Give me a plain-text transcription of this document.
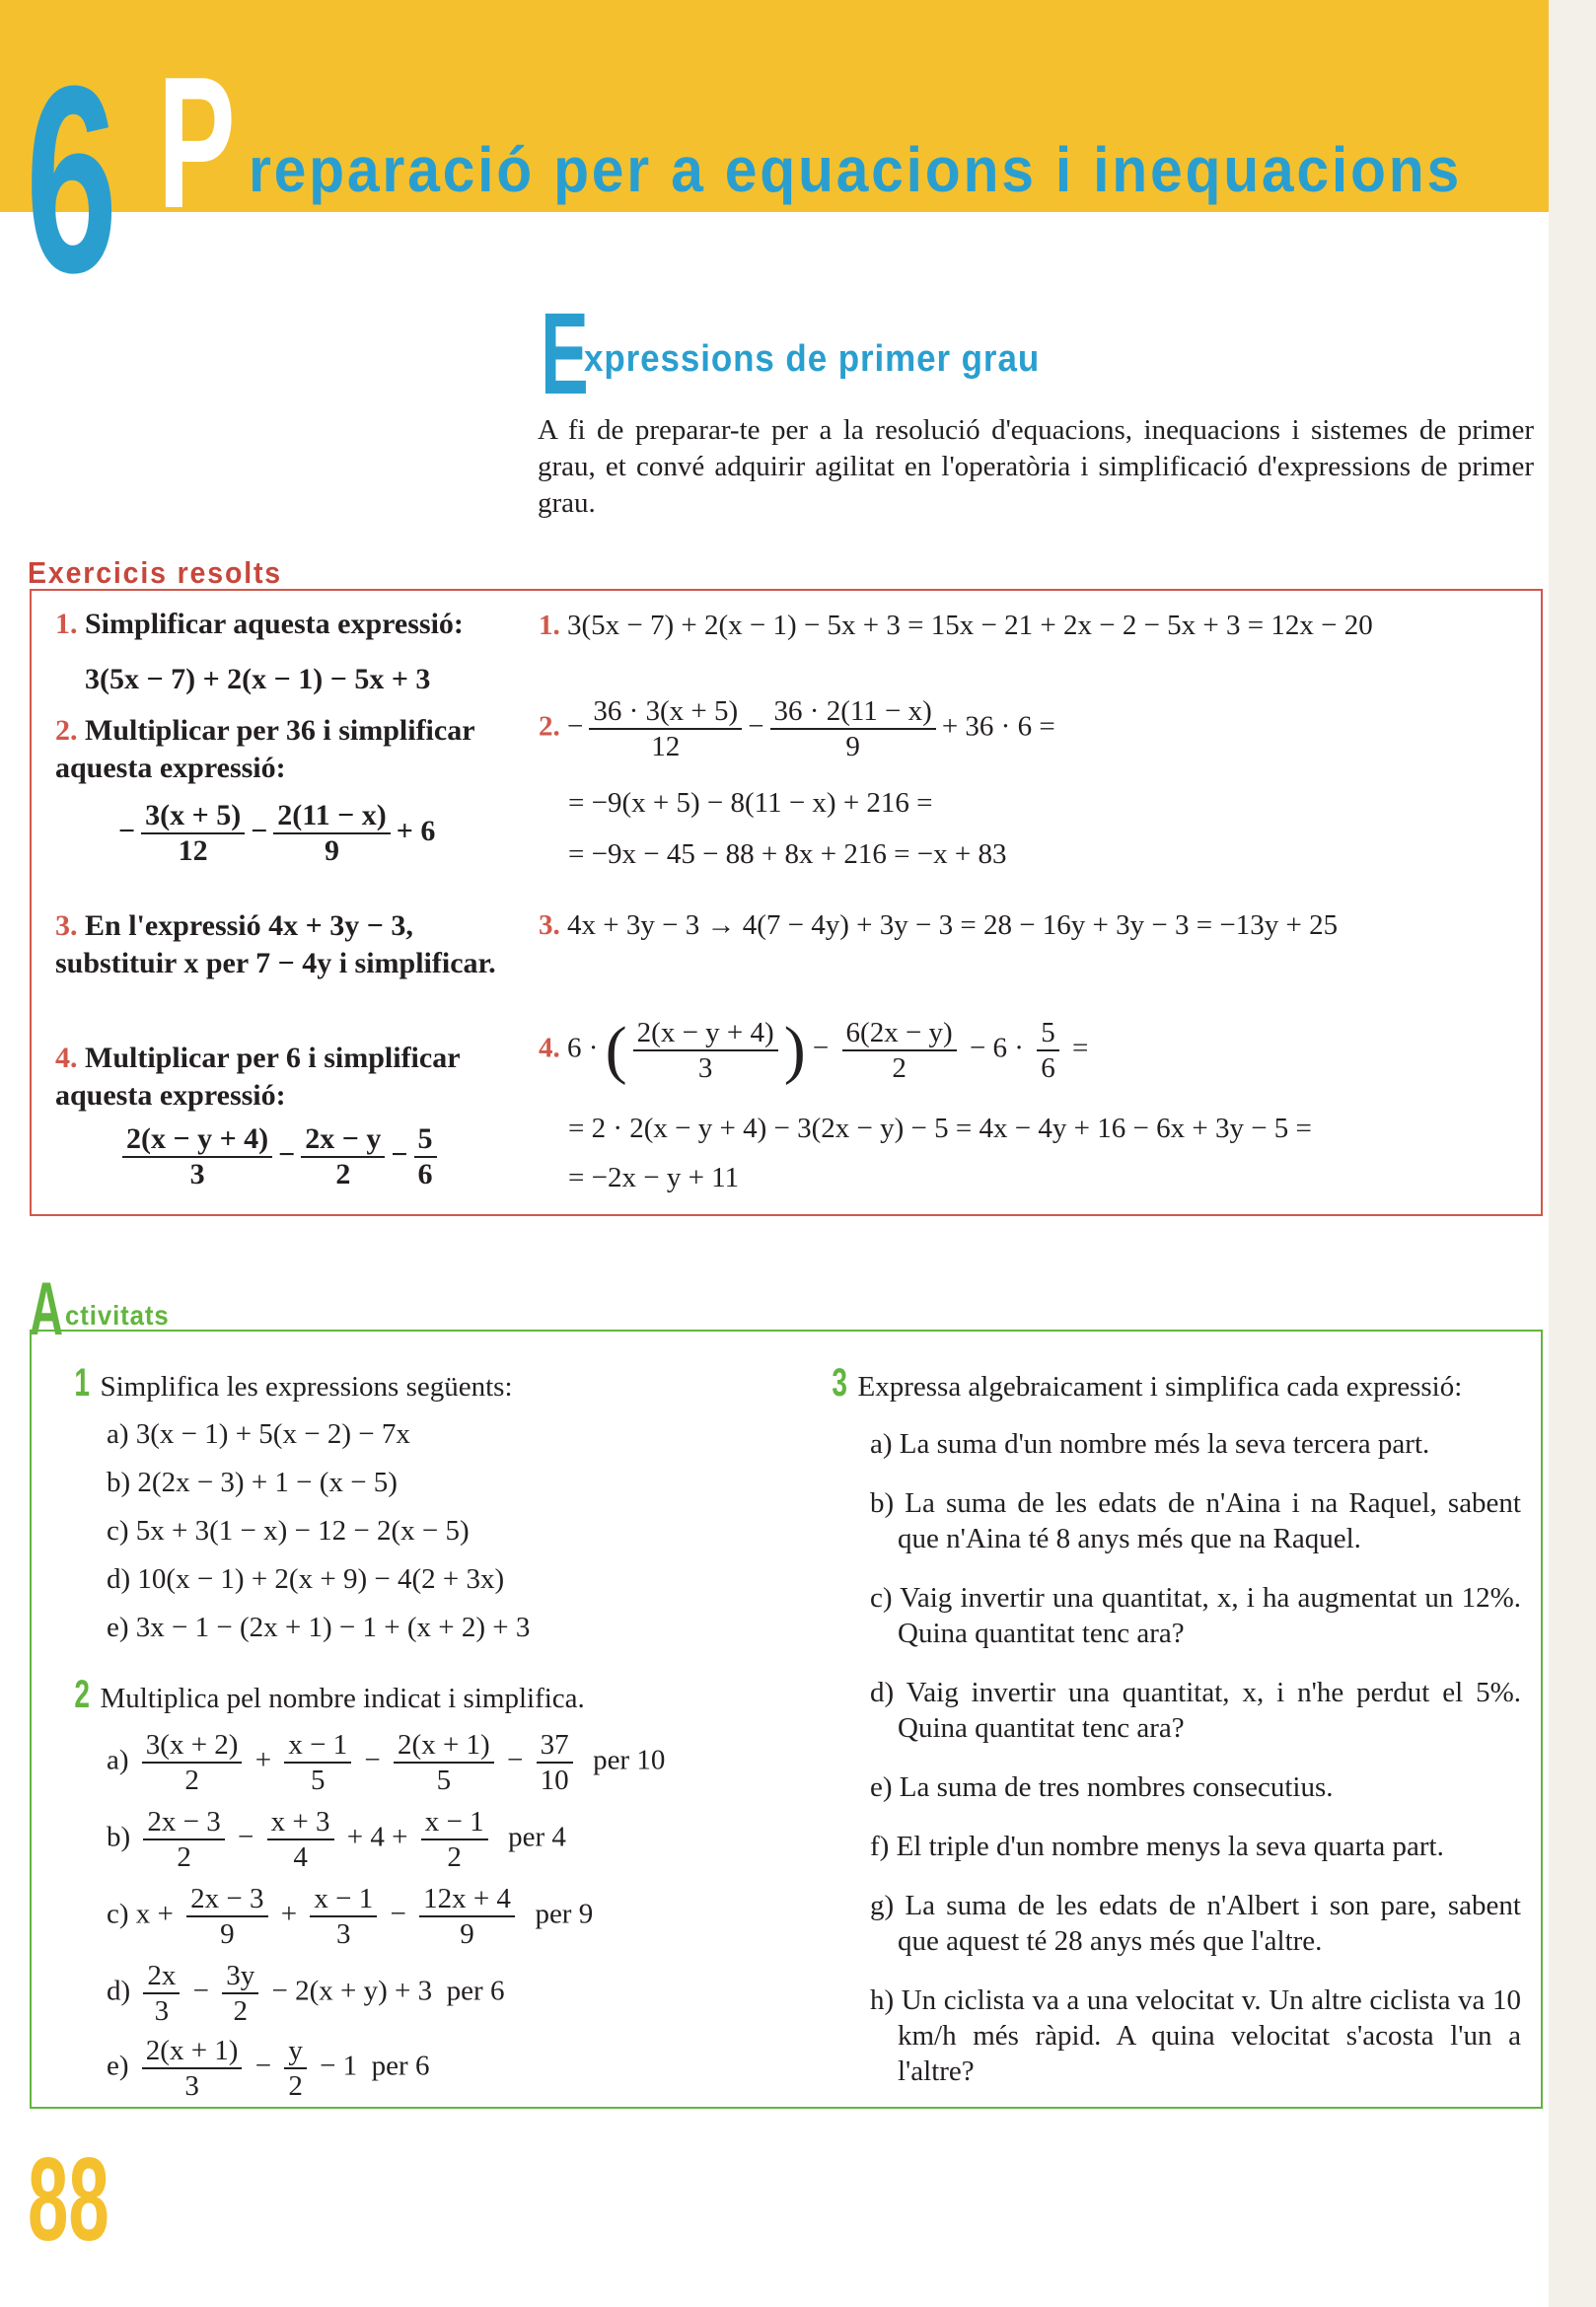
6 P reparació per a equacions i inequacions
E
xpressions de primer grau
A fi de preparar-te per a la resolució d'equacions, inequacions i sistemes de primer grau, et convé adquirir agilitat en l'operatòria i simplificació d'expressions de primer grau.
Exercicis resolts
1. Simplificar aquesta expressió:
3(5x − 7) + 2(x − 1) − 5x + 3
2. Multiplicar per 36 i simplificar aquesta expressió:
− $\frac{3(x + 5)}{12} - \frac{2(11 - x)}{9} + 6$
3. En l'expressió 4x + 3y − 3, substituir x per 7 − 4y i simplificar.
4. Multiplicar per 6 i simplificar aquesta expressió:
$\frac{2(x - y + 4)}{3} - \frac{2x - y}{2} - \frac{5}{6}$
1. 3(5x − 7) + 2(x − 1) − 5x + 3 = 15x − 21 + 2x − 2 − 5x + 3 = 12x − 20
2. − $\frac{36 \cdot 3(x + 5)}{12} - \frac{36 \cdot 2(11 - x)}{9} + 36 \cdot 6$ =
= −9(x + 5) − 8(11 − x) + 216 =
= −9x − 45 − 88 + 8x + 216 = −x + 83
3. 4x + 3y − 3 → 4(7 − 4y) + 3y − 3 = 28 − 16y + 3y − 3 = −13y + 25
4. 6 · ( $\frac{2(x - y + 4)}{3}$ ) − $\frac{6(2x - y)}{2} - 6 \cdot \frac{5}{6}$ =
= 2 · 2(x − y + 4) − 3(2x − y) − 5 = 4x − 4y + 16 − 6x + 3y − 5 =
= −2x − y + 11
A ctivitats
1 Simplifica les expressions següents:
a) 3(x − 1) + 5(x − 2) − 7x
b) 2(2x − 3) + 1 − (x − 5)
c) 5x + 3(1 − x) − 12 − 2(x − 5)
d) 10(x − 1) + 2(x + 9) − 4(2 + 3x)
e) 3x − 1 − (2x + 1) − 1 + (x + 2) + 3
2 Multiplica pel nombre indicat i simplifica.
$a) \frac{3(x + 2)}{2} + \frac{x - 1}{5} - \frac{2(x + 1)}{5} - \frac{37}{10}$ per 10
$b) \frac{2x - 3}{2} - \frac{x + 3}{4} + 4 + \frac{x - 1}{2}$ per 4
c) $x + \frac{2x - 3}{9} + \frac{x - 1}{3} - \frac{12x + 4}{9}$ per 9
$d) \frac{2x}{3} - \frac{3y}{2} - 2(x + y) + 3$ per 6
$e) \frac{2(x + 1)}{3} - \frac{y}{2} - 1$ per 6
3 Expressa algebraicament i simplifica cada expressió:
a) La suma d'un nombre més la seva tercera part.
b) La suma de les edats de n'Aina i na Raquel, sabent que n'Aina té 8 anys més que na Raquel.
c) Vaig invertir una quantitat, x, i ha augmentat un 12%. Quina quantitat tenc ara?
d) Vaig invertir una quantitat, x, i n'he perdut el 5%. Quina quantitat tenc ara?
e) La suma de tres nombres consecutius.
f) El triple d'un nombre menys la seva quarta part.
g) La suma de les edats de n'Albert i son pare, sabent que aquest té 28 anys més que l'altre.
h) Un ciclista va a una velocitat v. Un altre ciclista va 10 km/h més ràpid. A quina velocitat s'acosta l'un a l'altre?
88
